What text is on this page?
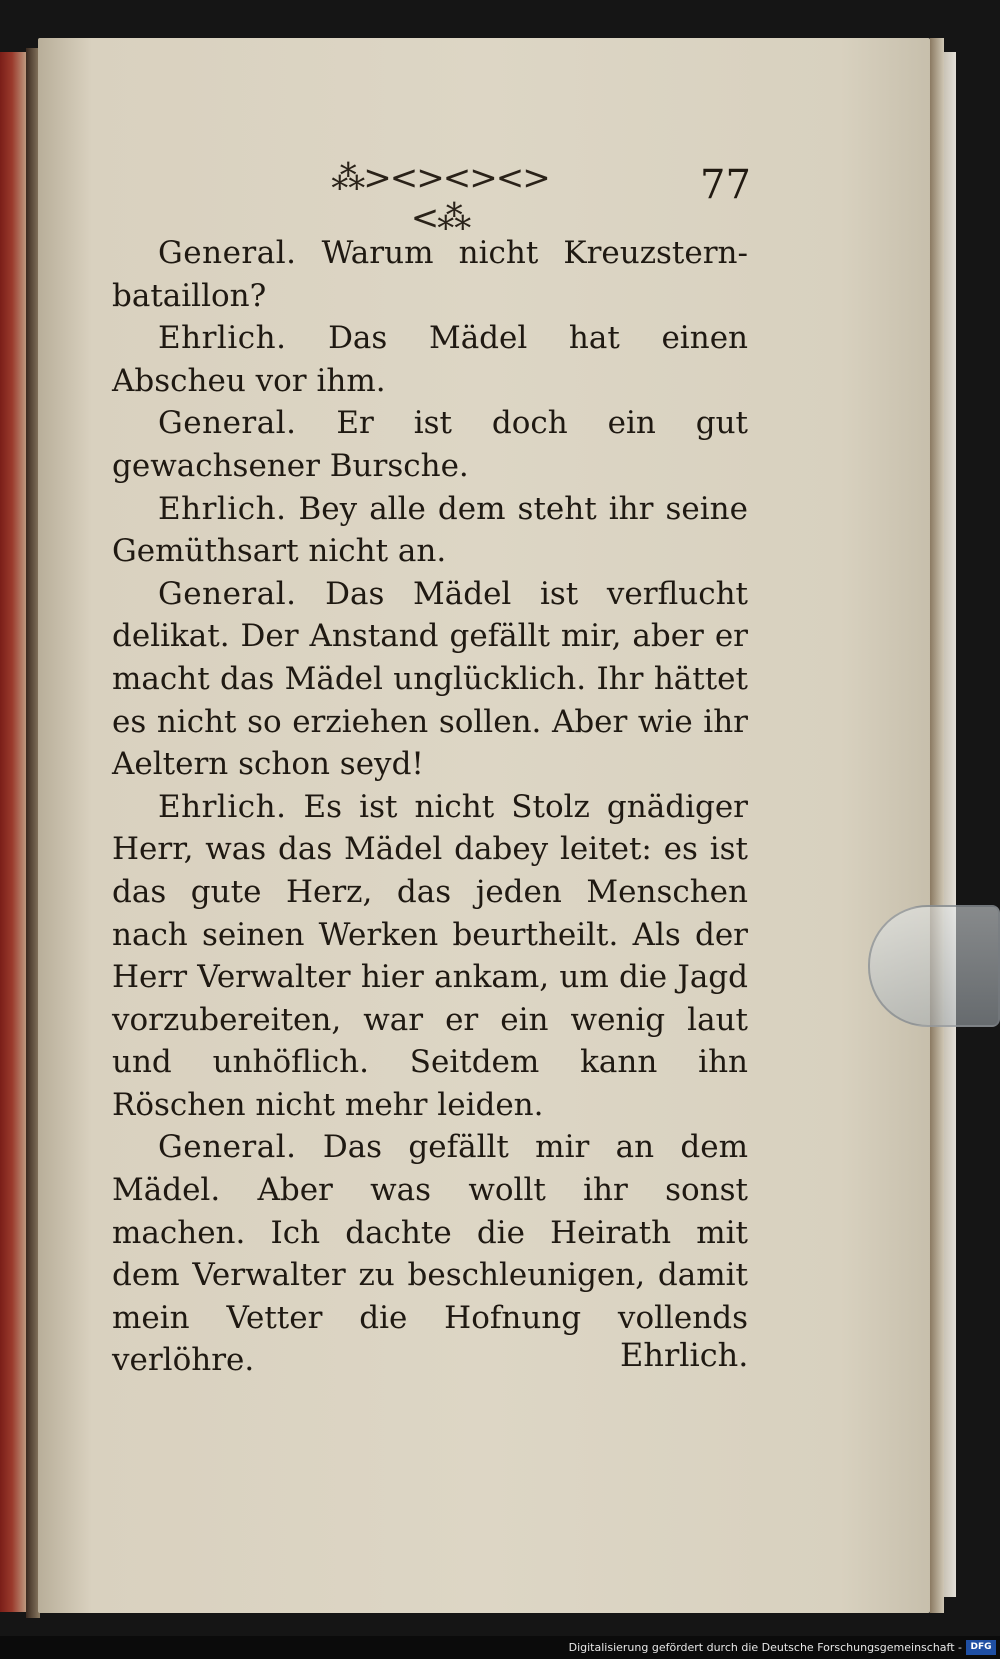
⁂><><><><⁂
77

General. Warum nicht Kreuzstern-bataillon?

Ehrlich. Das Mädel hat einen Abscheu vor ihm.

General. Er ist doch ein gut gewachsener Bursche.

Ehrlich. Bey alle dem steht ihr seine Gemüthsart nicht an.

General. Das Mädel ist verflucht delikat. Der Anstand gefällt mir, aber er macht das Mädel unglücklich. Ihr hättet es nicht so erziehen sollen. Aber wie ihr Aeltern schon seyd!

Ehrlich. Es ist nicht Stolz gnädiger Herr, was das Mädel dabey leitet: es ist das gute Herz, das jeden Menschen nach seinen Werken beurtheilt. Als der Herr Verwalter hier ankam, um die Jagd vorzubereiten, war er ein wenig laut und unhöflich. Seitdem kann ihn Röschen nicht mehr leiden.

General. Das gefällt mir an dem Mädel. Aber was wollt ihr sonst machen. Ich dachte die Heirath mit dem Verwalter zu beschleunigen, damit mein Vetter die Hofnung vollends verlöhre.	Ehrlich.
Digitalisierung gefördert durch die Deutsche Forschungsgemeinschaft - DFG
